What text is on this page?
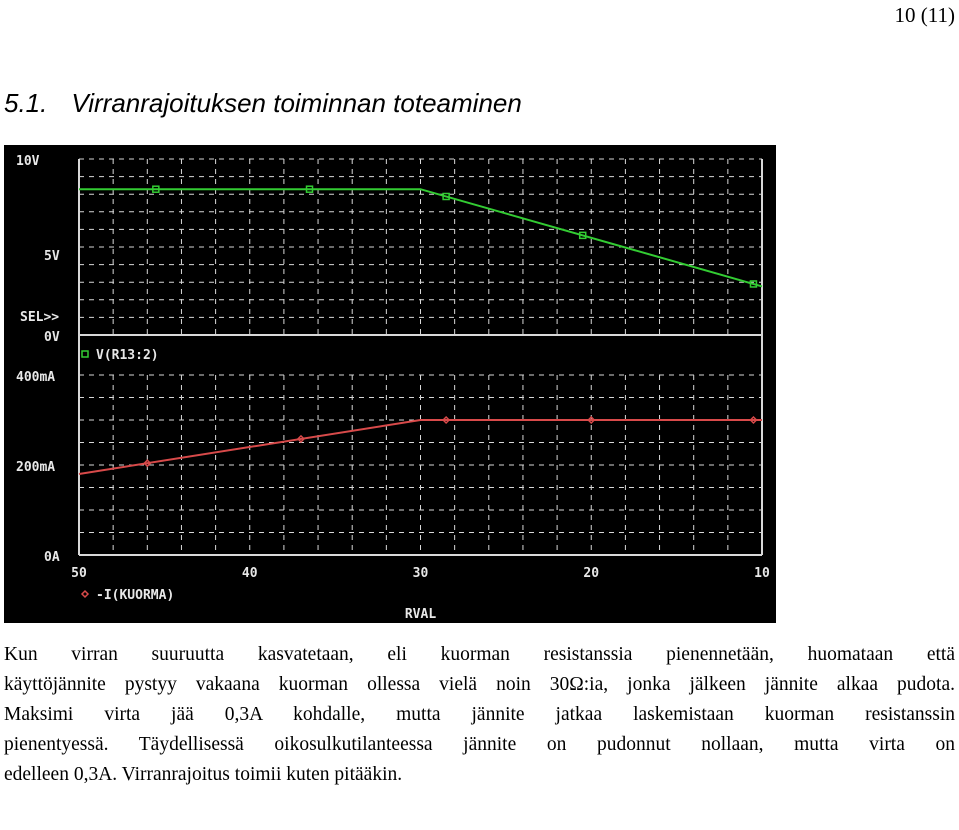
10 (11)
5.1. Virranrajoituksen toiminnan toteaminen
10V
5V
SEL>>
0V
400mA
200mA
0A
50	40	30	20	10
RVAL
V(R13:2)
-I(KUORMA)
Kun virran suuruutta kasvatetaan, eli kuorman resistanssia pienennetään, huomataan että
käyttöjännite pystyy vakaana kuorman ollessa vielä noin 30Ω:ia, jonka jälkeen jännite alkaa pudota.
Maksimi virta jää 0,3A kohdalle, mutta jännite jatkaa laskemistaan kuorman resistanssin
pienentyessä. Täydellisessä oikosulkutilanteessa jännite on pudonnut nollaan, mutta virta on
edelleen 0,3A. Virranrajoitus toimii kuten pitääkin.
